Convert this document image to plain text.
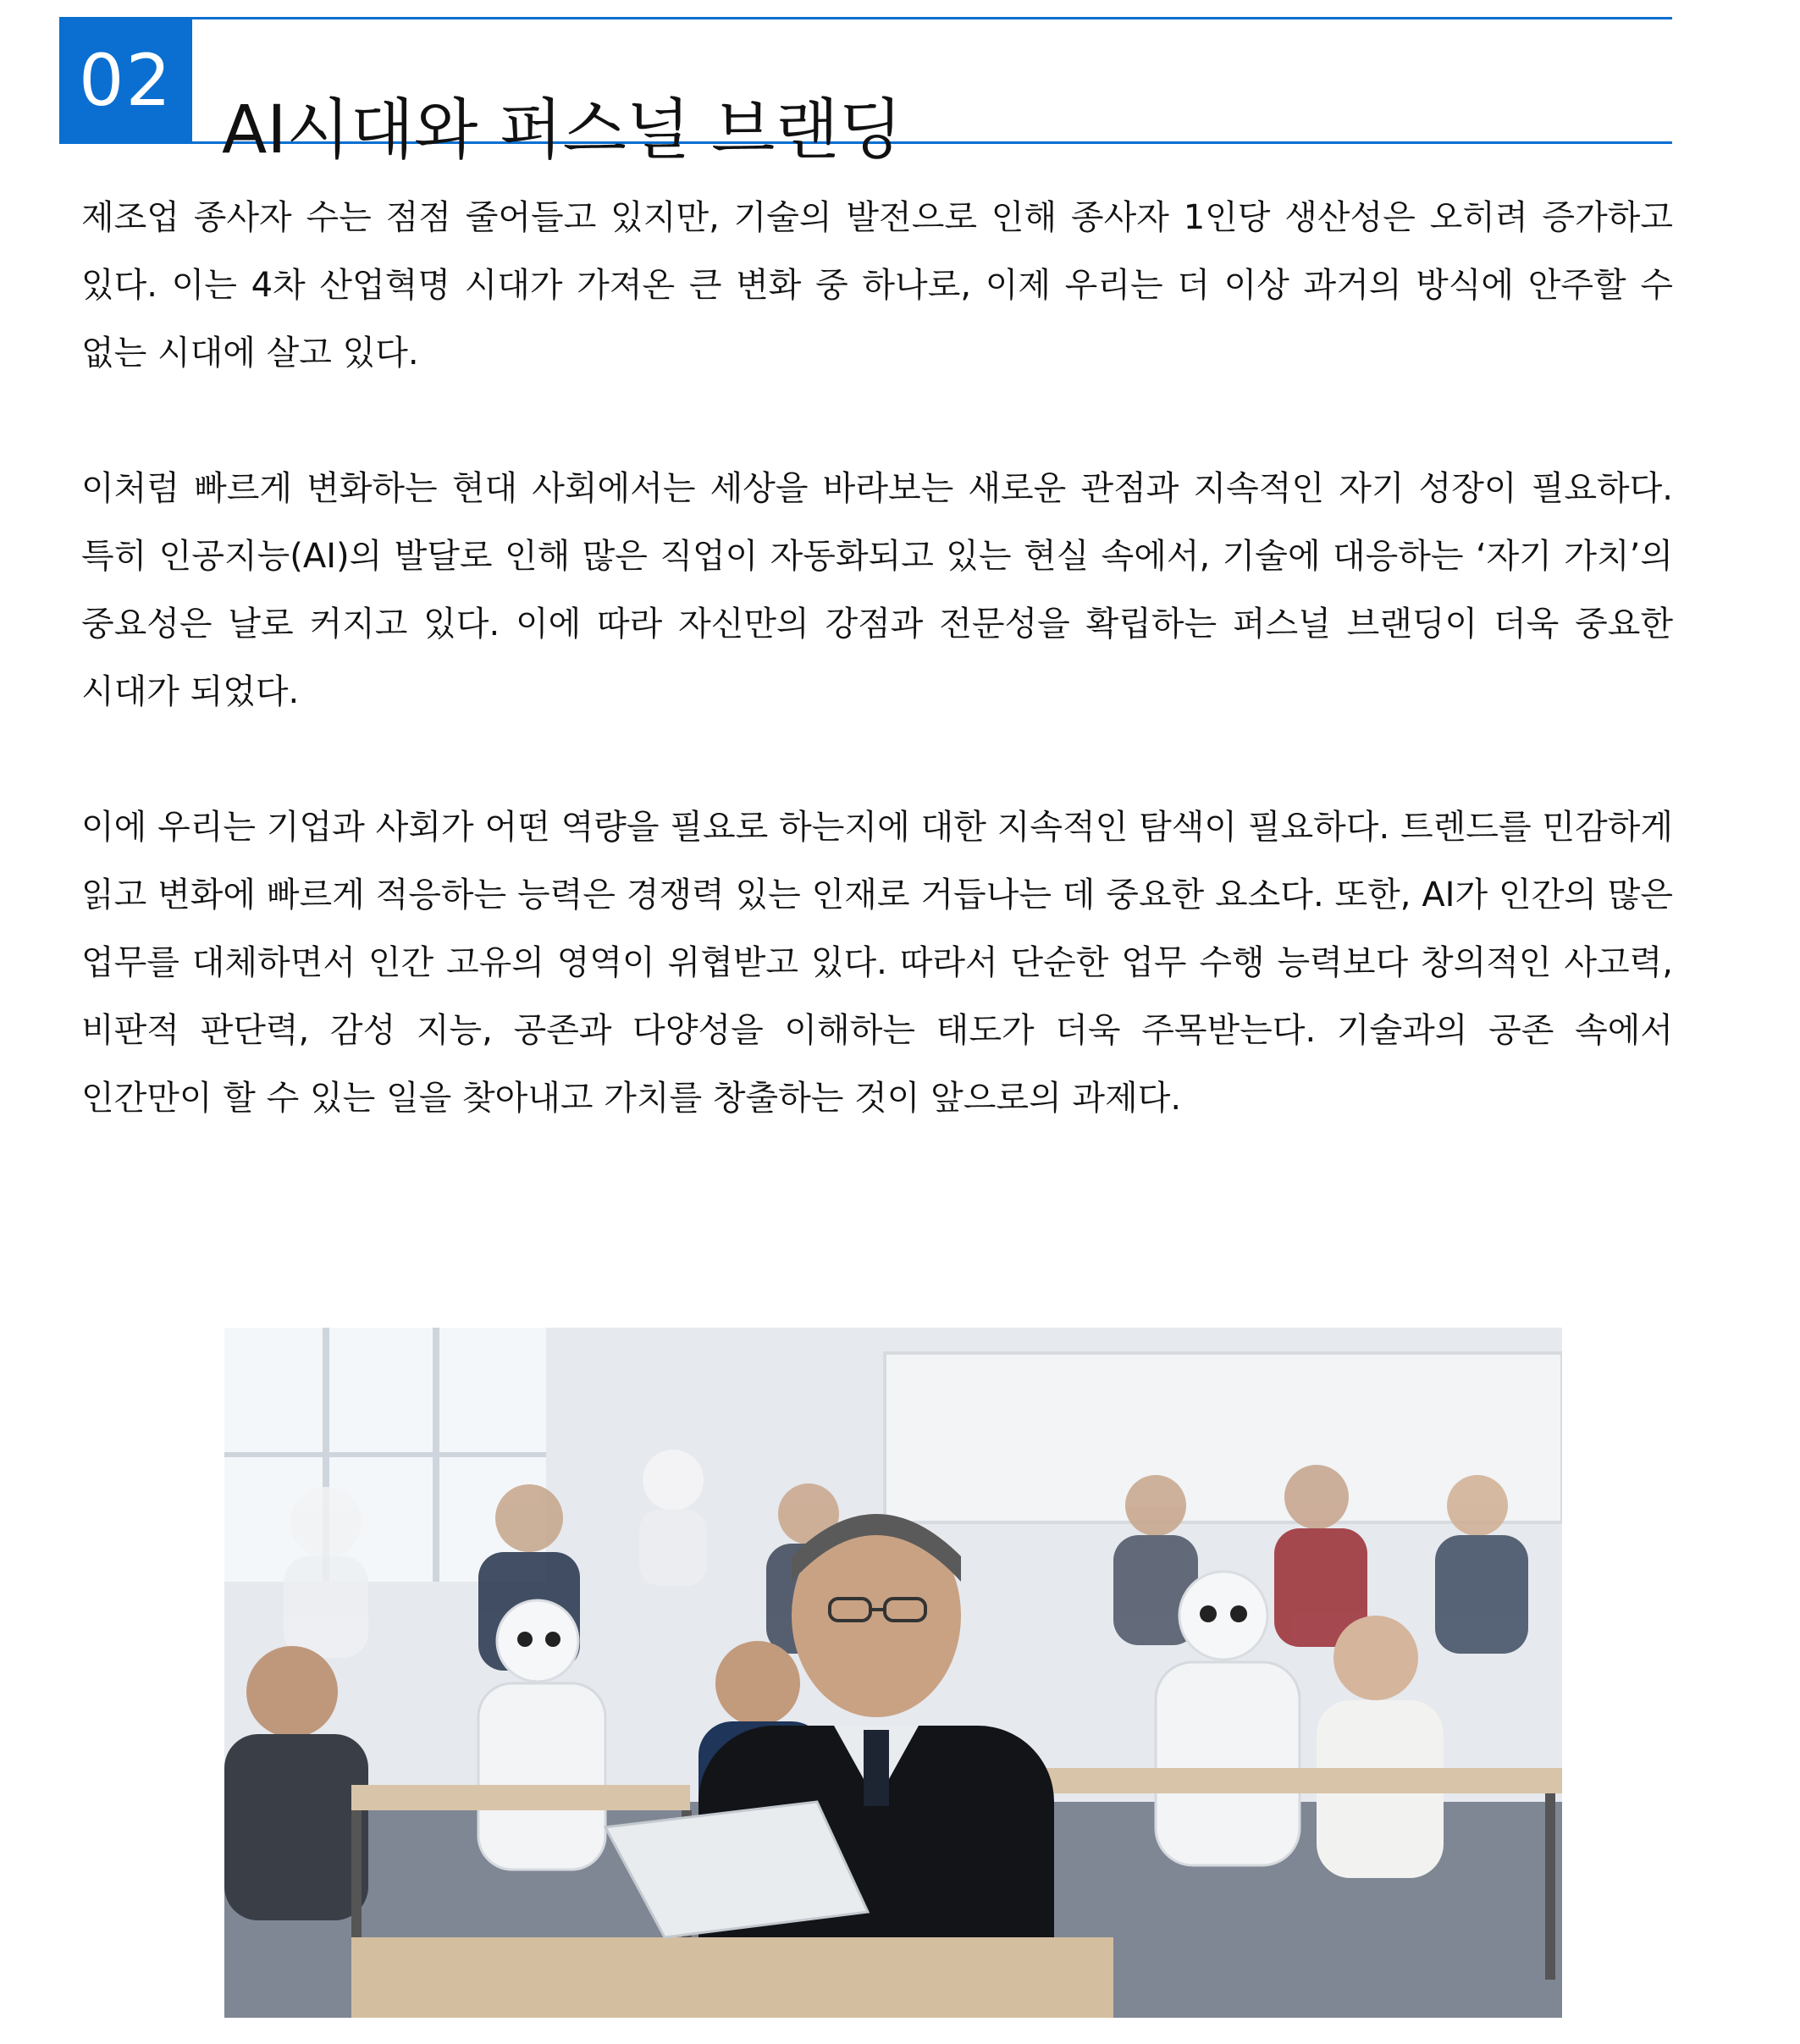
02
AI시대와 퍼스널 브랜딩

제조업 종사자 수는 점점 줄어들고 있지만, 기술의 발전으로 인해 종사자 1인당 생산성은 오히려 증가하고 있다. 이는 4차 산업혁명 시대가 가져온 큰 변화 중 하나로, 이제 우리는 더 이상 과거의 방식에 안주할 수 없는 시대에 살고 있다.

이처럼 빠르게 변화하는 현대 사회에서는 세상을 바라보는 새로운 관점과 지속적인 자기 성장이 필요하다. 특히 인공지능(AI)의 발달로 인해 많은 직업이 자동화되고 있는 현실 속에서, 기술에 대응하는 ‘자기 가치’의 중요성은 날로 커지고 있다. 이에 따라 자신만의 강점과 전문성을 확립하는 퍼스널 브랜딩이 더욱 중요한 시대가 되었다.

이에 우리는 기업과 사회가 어떤 역량을 필요로 하는지에 대한 지속적인 탐색이 필요하다. 트렌드를 민감하게 읽고 변화에 빠르게 적응하는 능력은 경쟁력 있는 인재로 거듭나는 데 중요한 요소다. 또한, AI가 인간의 많은 업무를 대체하면서 인간 고유의 영역이 위협받고 있다. 따라서 단순한 업무 수행 능력보다 창의적인 사고력, 비판적 판단력, 감성 지능, 공존과 다양성을 이해하는 태도가 더욱 주목받는다. 기술과의 공존 속에서 인간만이 할 수 있는 일을 찾아내고 가치를 창출하는 것이 앞으로의 과제다.
